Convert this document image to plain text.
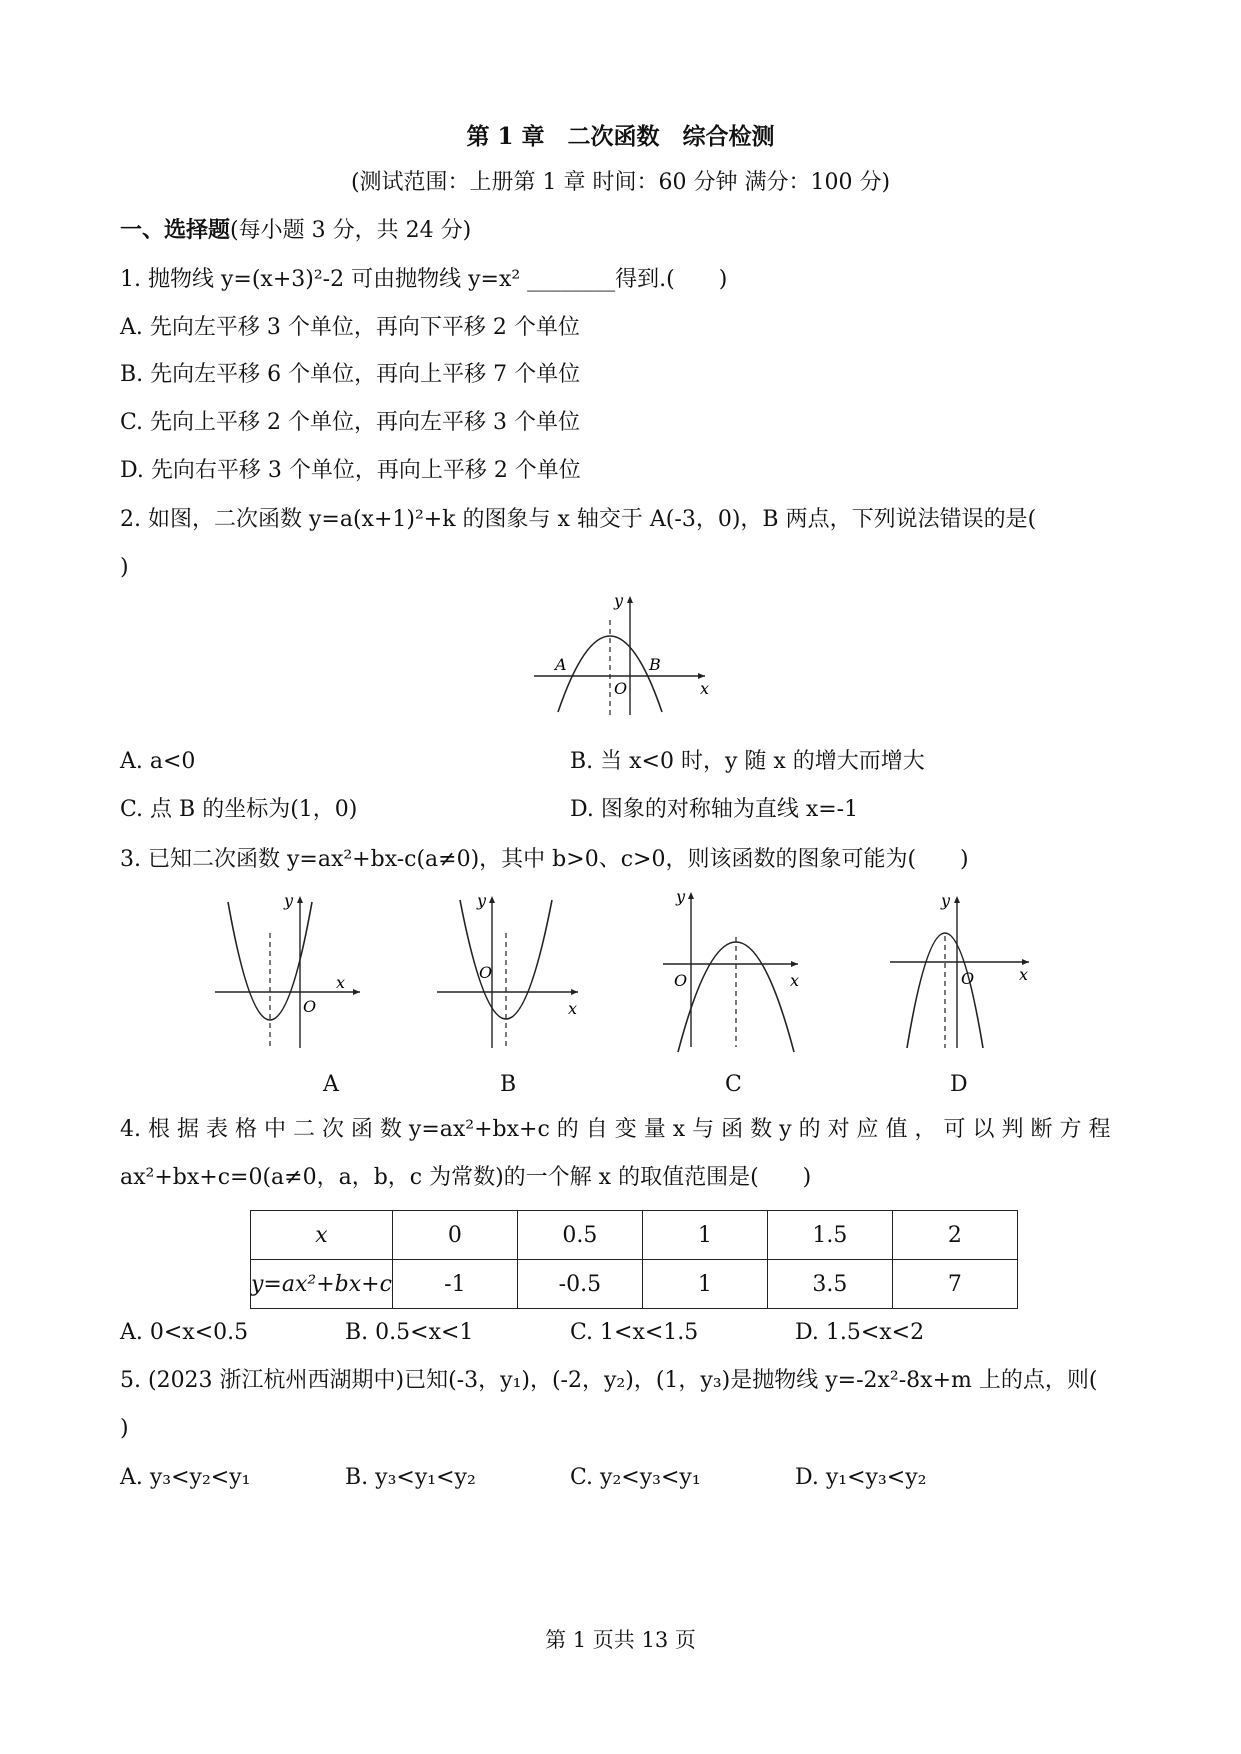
第 1 章　二次函数　综合检测
(测试范围：上册第 1 章 时间：60 分钟 满分：100 分)
一、选择题(每小题 3 分，共 24 分)
1. 抛物线 y=(x+3)²-2 可由抛物线 y=x² ________得到.(　　)
A. 先向左平移 3 个单位，再向下平移 2 个单位
B. 先向左平移 6 个单位，再向上平移 7 个单位
C. 先向上平移 2 个单位，再向左平移 3 个单位
D. 先向右平移 3 个单位，再向上平移 2 个单位
2. 如图，二次函数 y=a(x+1)²+k 的图象与 x 轴交于 A(-3，0)，B 两点，下列说法错误的是(
)
y
x
A	B
O
A. a<0	B. 当 x<0 时，y 随 x 的增大而增大
C. 点 B 的坐标为(1，0)	D. 图象的对称轴为直线 x=-1
3. 已知二次函数 y=ax²+bx-c(a≠0)，其中 b>0、c>0，则该函数的图象可能为(　　)
y
x
O
y
x
O
y
x
O
y
x
O
A	B	C	D
4. 根 据 表 格 中 二 次 函 数 y=ax²+bx+c 的 自 变 量 x 与 函 数 y 的 对 应 值 ， 可 以 判 断 方 程
ax²+bx+c=0(a≠0，a，b，c 为常数)的一个解 x 的取值范围是(　　)
x	0	0.5	1	1.5	2
y=ax²+bx+c	-1	-0.5	1	3.5	7
A. 0<x<0.5	B. 0.5<x<1	C. 1<x<1.5	D. 1.5<x<2
5. (2023 浙江杭州西湖期中)已知(-3，y₁)，(-2，y₂)，(1，y₃)是抛物线 y=-2x²-8x+m 上的点，则(
)
A. y₃<y₂<y₁	B. y₃<y₁<y₂	C. y₂<y₃<y₁	D. y₁<y₃<y₂
第 1 页共 13 页
